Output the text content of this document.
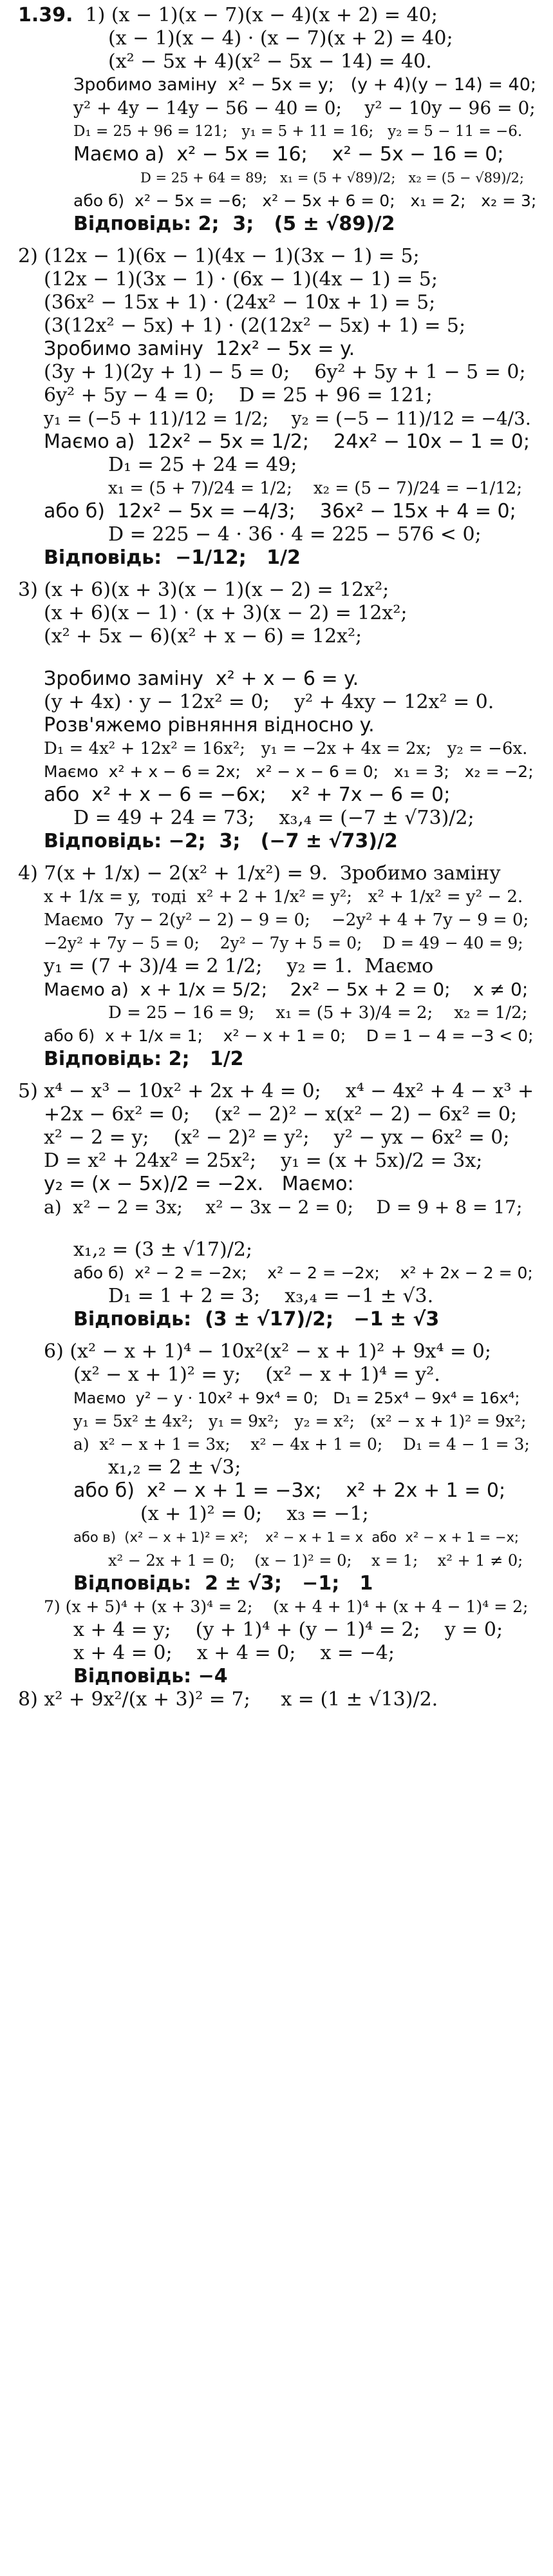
1.39. 1) (x − 1)(x − 7)(x − 4)(x + 2) = 40;
(x − 1)(x − 4) · (x − 7)(x + 2) = 40;
(x² − 5x + 4)(x² − 5x − 14) = 40.
Зробимо заміну  x² − 5x = y;   (y + 4)(y − 14) = 40;
y² + 4y − 14y − 56 − 40 = 0;    y² − 10y − 96 = 0;
D₁ = 25 + 96 = 121;   y₁ = 5 + 11 = 16;   y₂ = 5 − 11 = −6.
Маємо а)  x² − 5x = 16;    x² − 5x − 16 = 0;
D = 25 + 64 = 89;   x₁ = (5 + √89)/2;   x₂ = (5 − √89)/2;
або б)  x² − 5x = −6;   x² − 5x + 6 = 0;   x₁ = 2;   x₂ = 3;
Відповідь: 2;  3;   (5 ± √89)/2
2) (12x − 1)(6x − 1)(4x − 1)(3x − 1) = 5;
(12x − 1)(3x − 1) · (6x − 1)(4x − 1) = 5;
(36x² − 15x + 1) · (24x² − 10x + 1) = 5;
(3(12x² − 5x) + 1) · (2(12x² − 5x) + 1) = 5;
Зробимо заміну  12x² − 5x = y.
(3y + 1)(2y + 1) − 5 = 0;    6y² + 5y + 1 − 5 = 0;
6y² + 5y − 4 = 0;    D = 25 + 96 = 121;
y₁ = (−5 + 11)/12 = 1/2;    y₂ = (−5 − 11)/12 = −4/3.
Маємо а)  12x² − 5x = 1/2;    24x² − 10x − 1 = 0;
D₁ = 25 + 24 = 49;
x₁ = (5 + 7)/24 = 1/2;    x₂ = (5 − 7)/24 = −1/12;
або б)  12x² − 5x = −4/3;    36x² − 15x + 4 = 0;
D = 225 − 4 · 36 · 4 = 225 − 576 < 0;
Відповідь:  −1/12;   1/2
3) (x + 6)(x + 3)(x − 1)(x − 2) = 12x²;
(x + 6)(x − 1) · (x + 3)(x − 2) = 12x²;
(x² + 5x − 6)(x² + x − 6) = 12x²;
Зробимо заміну  x² + x − 6 = y.
(y + 4x) · y − 12x² = 0;    y² + 4xy − 12x² = 0.
Розв'яжемо рівняння відносно y.
D₁ = 4x² + 12x² = 16x²;   y₁ = −2x + 4x = 2x;   y₂ = −6x.
Маємо  x² + x − 6 = 2x;   x² − x − 6 = 0;   x₁ = 3;   x₂ = −2;
або  x² + x − 6 = −6x;    x² + 7x − 6 = 0;
D = 49 + 24 = 73;    x₃,₄ = (−7 ± √73)/2;
Відповідь: −2;  3;   (−7 ± √73)/2
4) 7(x + 1/x) − 2(x² + 1/x²) = 9.  Зробимо заміну
x + 1/x = y,  тоді  x² + 2 + 1/x² = y²;   x² + 1/x² = y² − 2.
Маємо  7y − 2(y² − 2) − 9 = 0;    −2y² + 4 + 7y − 9 = 0;
−2y² + 7y − 5 = 0;    2y² − 7y + 5 = 0;    D = 49 − 40 = 9;
y₁ = (7 + 3)/4 = 2 1/2;    y₂ = 1.  Маємо
Маємо а)  x + 1/x = 5/2;    2x² − 5x + 2 = 0;    x ≠ 0;
D = 25 − 16 = 9;    x₁ = (5 + 3)/4 = 2;    x₂ = 1/2;
або б)  x + 1/x = 1;    x² − x + 1 = 0;    D = 1 − 4 = −3 < 0;
Відповідь: 2;   1/2
5) x⁴ − x³ − 10x² + 2x + 4 = 0;    x⁴ − 4x² + 4 − x³ +
+2x − 6x² = 0;    (x² − 2)² − x(x² − 2) − 6x² = 0;
x² − 2 = y;    (x² − 2)² = y²;    y² − yx − 6x² = 0;
D = x² + 24x² = 25x²;    y₁ = (x + 5x)/2 = 3x;
y₂ = (x − 5x)/2 = −2x.   Маємо:
а)  x² − 2 = 3x;    x² − 3x − 2 = 0;    D = 9 + 8 = 17;
x₁,₂ = (3 ± √17)/2;
або б)  x² − 2 = −2x;    x² − 2 = −2x;    x² + 2x − 2 = 0;
D₁ = 1 + 2 = 3;    x₃,₄ = −1 ± √3.
Відповідь:  (3 ± √17)/2;   −1 ± √3
6) (x² − x + 1)⁴ − 10x²(x² − x + 1)² + 9x⁴ = 0;
(x² − x + 1)² = y;    (x² − x + 1)⁴ = y².
Маємо  y² − y · 10x² + 9x⁴ = 0;   D₁ = 25x⁴ − 9x⁴ = 16x⁴;
y₁ = 5x² ± 4x²;   y₁ = 9x²;   y₂ = x²;   (x² − x + 1)² = 9x²;
а)  x² − x + 1 = 3x;    x² − 4x + 1 = 0;    D₁ = 4 − 1 = 3;
x₁,₂ = 2 ± √3;
або б)  x² − x + 1 = −3x;    x² + 2x + 1 = 0;
(x + 1)² = 0;    x₃ = −1;
або в)  (x² − x + 1)² = x²;    x² − x + 1 = x  або  x² − x + 1 = −x;
x² − 2x + 1 = 0;    (x − 1)² = 0;    x = 1;    x² + 1 ≠ 0;
Відповідь:  2 ± √3;   −1;   1
7) (x + 5)⁴ + (x + 3)⁴ = 2;    (x + 4 + 1)⁴ + (x + 4 − 1)⁴ = 2;
x + 4 = y;    (y + 1)⁴ + (y − 1)⁴ = 2;    y = 0;
x + 4 = 0;    x + 4 = 0;    x = −4;
Відповідь: −4
8) x² + 9x²/(x + 3)² = 7;     x = (1 ± √13)/2.
